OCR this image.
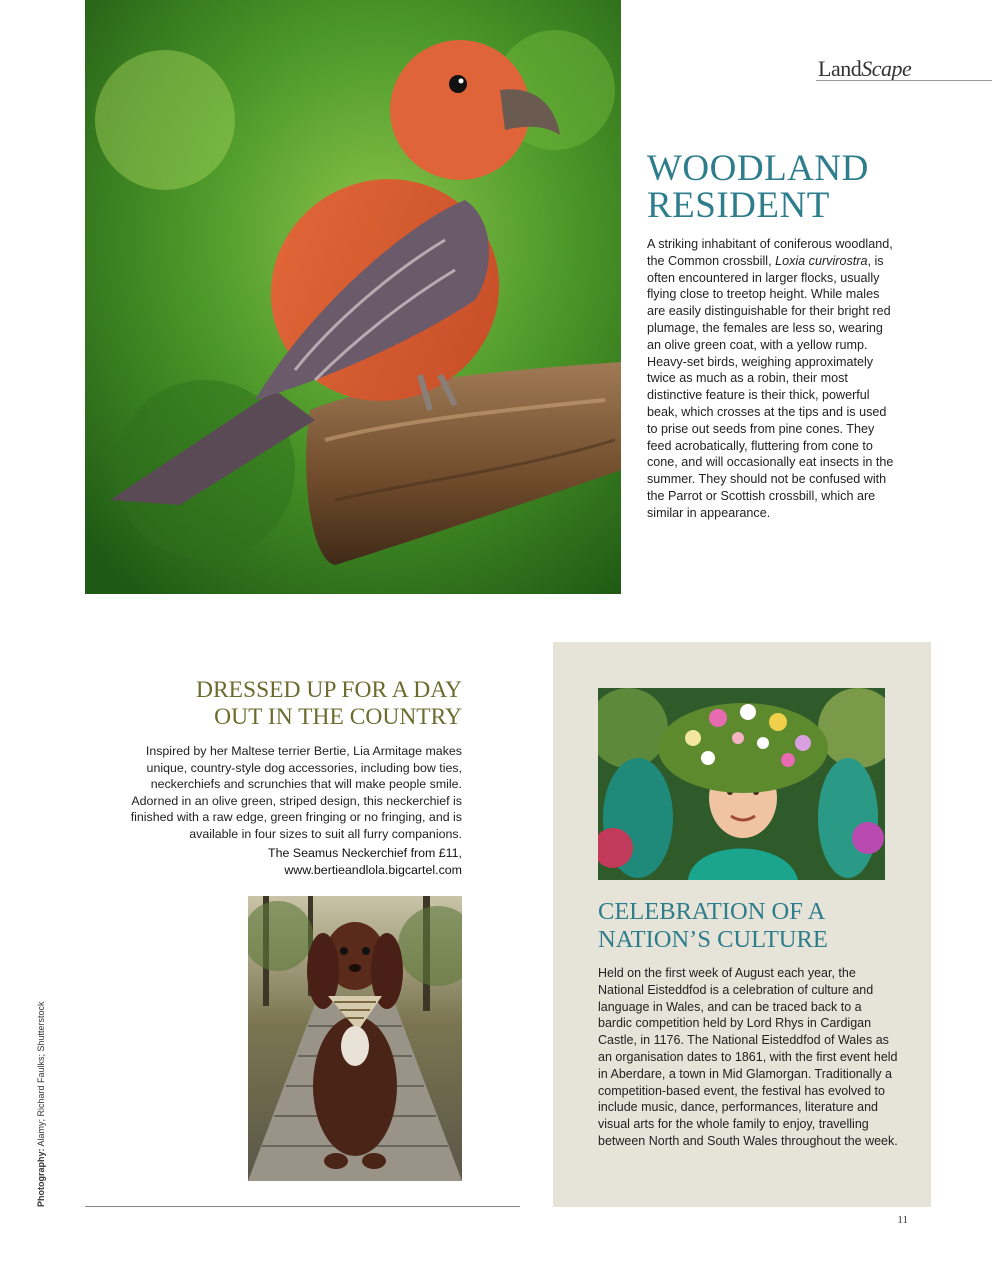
LandScape
WOODLAND
RESIDENT
A striking inhabitant of coniferous woodland, the Common crossbill, Loxia curvirostra, is often encountered in larger flocks, usually flying close to treetop height. While males are easily distinguishable for their bright red plumage, the females are less so, wearing an olive green coat, with a yellow rump. Heavy-set birds, weighing approximately twice as much as a robin, their most distinctive feature is their thick, powerful beak, which crosses at the tips and is used to prise out seeds from pine cones. They feed acrobatically, fluttering from cone to cone, and will occasionally eat insects in the summer. They should not be confused with the Parrot or Scottish crossbill, which are similar in appearance.
DRESSED UP FOR A DAY
OUT IN THE COUNTRY
Inspired by her Maltese terrier Bertie, Lia Armitage makes unique, country-style dog accessories, including bow ties, neckerchiefs and scrunchies that will make people smile. Adorned in an olive green, striped design, this neckerchief is finished with a raw edge, green fringing or no fringing, and is available in four sizes to suit all furry companions.
The Seamus Neckerchief from £11,
www.bertieandlola.bigcartel.com
Photography: Alamy; Richard Faulks; Shutterstock
CELEBRATION OF A
NATION’S CULTURE
Held on the first week of August each year, the National Eisteddfod is a celebration of culture and language in Wales, and can be traced back to a bardic competition held by Lord Rhys in Cardigan Castle, in 1176. The National Eisteddfod of Wales as an organisation dates to 1861, with the first event held in Aberdare, a town in Mid Glamorgan. Traditionally a competition-based event, the festival has evolved to include music, dance, performances, literature and visual arts for the whole family to enjoy, travelling between North and South Wales throughout the week.
11
